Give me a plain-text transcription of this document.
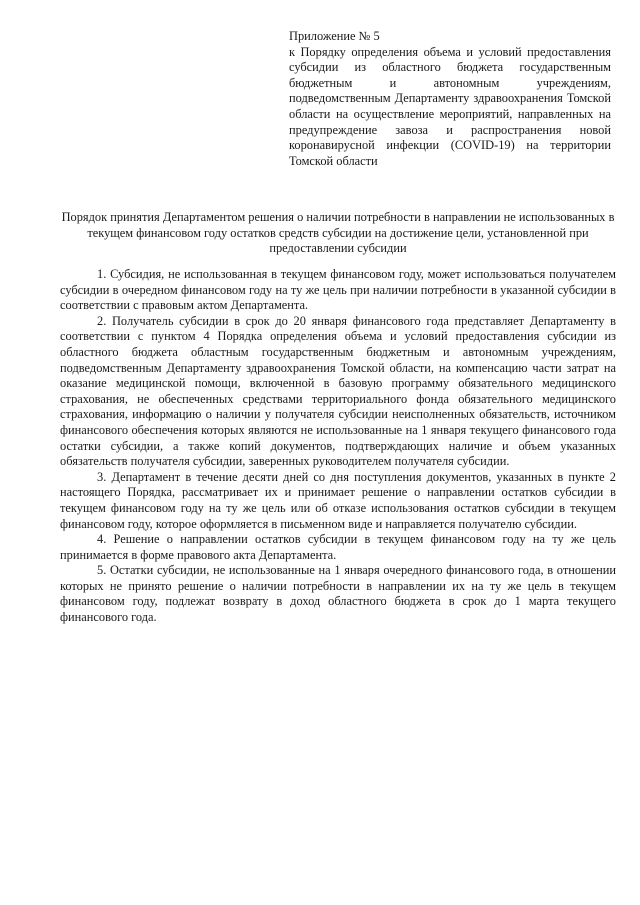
Приложение № 5
к Порядку определения объема и условий предоставления субсидии из областного бюджета государственным бюджетным и автономным учреждениям, подведомственным Департаменту здравоохранения Томской области на осуществление мероприятий, направленных на предупреждение завоза и распространения новой коронавирусной инфекции (COVID-19) на территории Томской области
Порядок принятия Департаментом решения о наличии потребности в направлении не использованных в текущем финансовом году остатков средств субсидии на достижение цели, установленной при предоставлении субсидии

1. Субсидия, не использованная в текущем финансовом году, может использоваться получателем субсидии в очередном финансовом году на ту же цель при наличии потребности в указанной субсидии в соответствии с правовым актом Департамента.

2. Получатель субсидии в срок до 20 января финансового года представляет Департаменту в соответствии с пунктом 4 Порядка определения объема и условий предоставления субсидии из областного бюджета областным государственным бюджетным и автономным учреждениям, подведомственным Департаменту здравоохранения Томской области, на компенсацию части затрат на оказание медицинской помощи, включенной в базовую программу обязательного медицинского страхования, не обеспеченных средствами территориального фонда обязательного медицинского страхования, информацию о наличии у получателя субсидии неисполненных обязательств, источником финансового обеспечения которых являются не использованные на 1 января текущего финансового года остатки субсидии, а также копий документов, подтверждающих наличие и объем указанных обязательств получателя субсидии, заверенных руководителем получателя субсидии.

3. Департамент в течение десяти дней со дня поступления документов, указанных в пункте 2 настоящего Порядка, рассматривает их и принимает решение о направлении остатков субсидии в текущем финансовом году на ту же цель или об отказе использования остатков субсидии в текущем финансовом году, которое оформляется в письменном виде и направляется получателю субсидии.

4. Решение о направлении остатков субсидии в текущем финансовом году на ту же цель принимается в форме правового акта Департамента.

5. Остатки субсидии, не использованные на 1 января очередного финансового года, в отношении которых не принято решение о наличии потребности в направлении их на ту же цель в текущем финансовом году, подлежат возврату в доход областного бюджета в срок до 1 марта текущего финансового года.
